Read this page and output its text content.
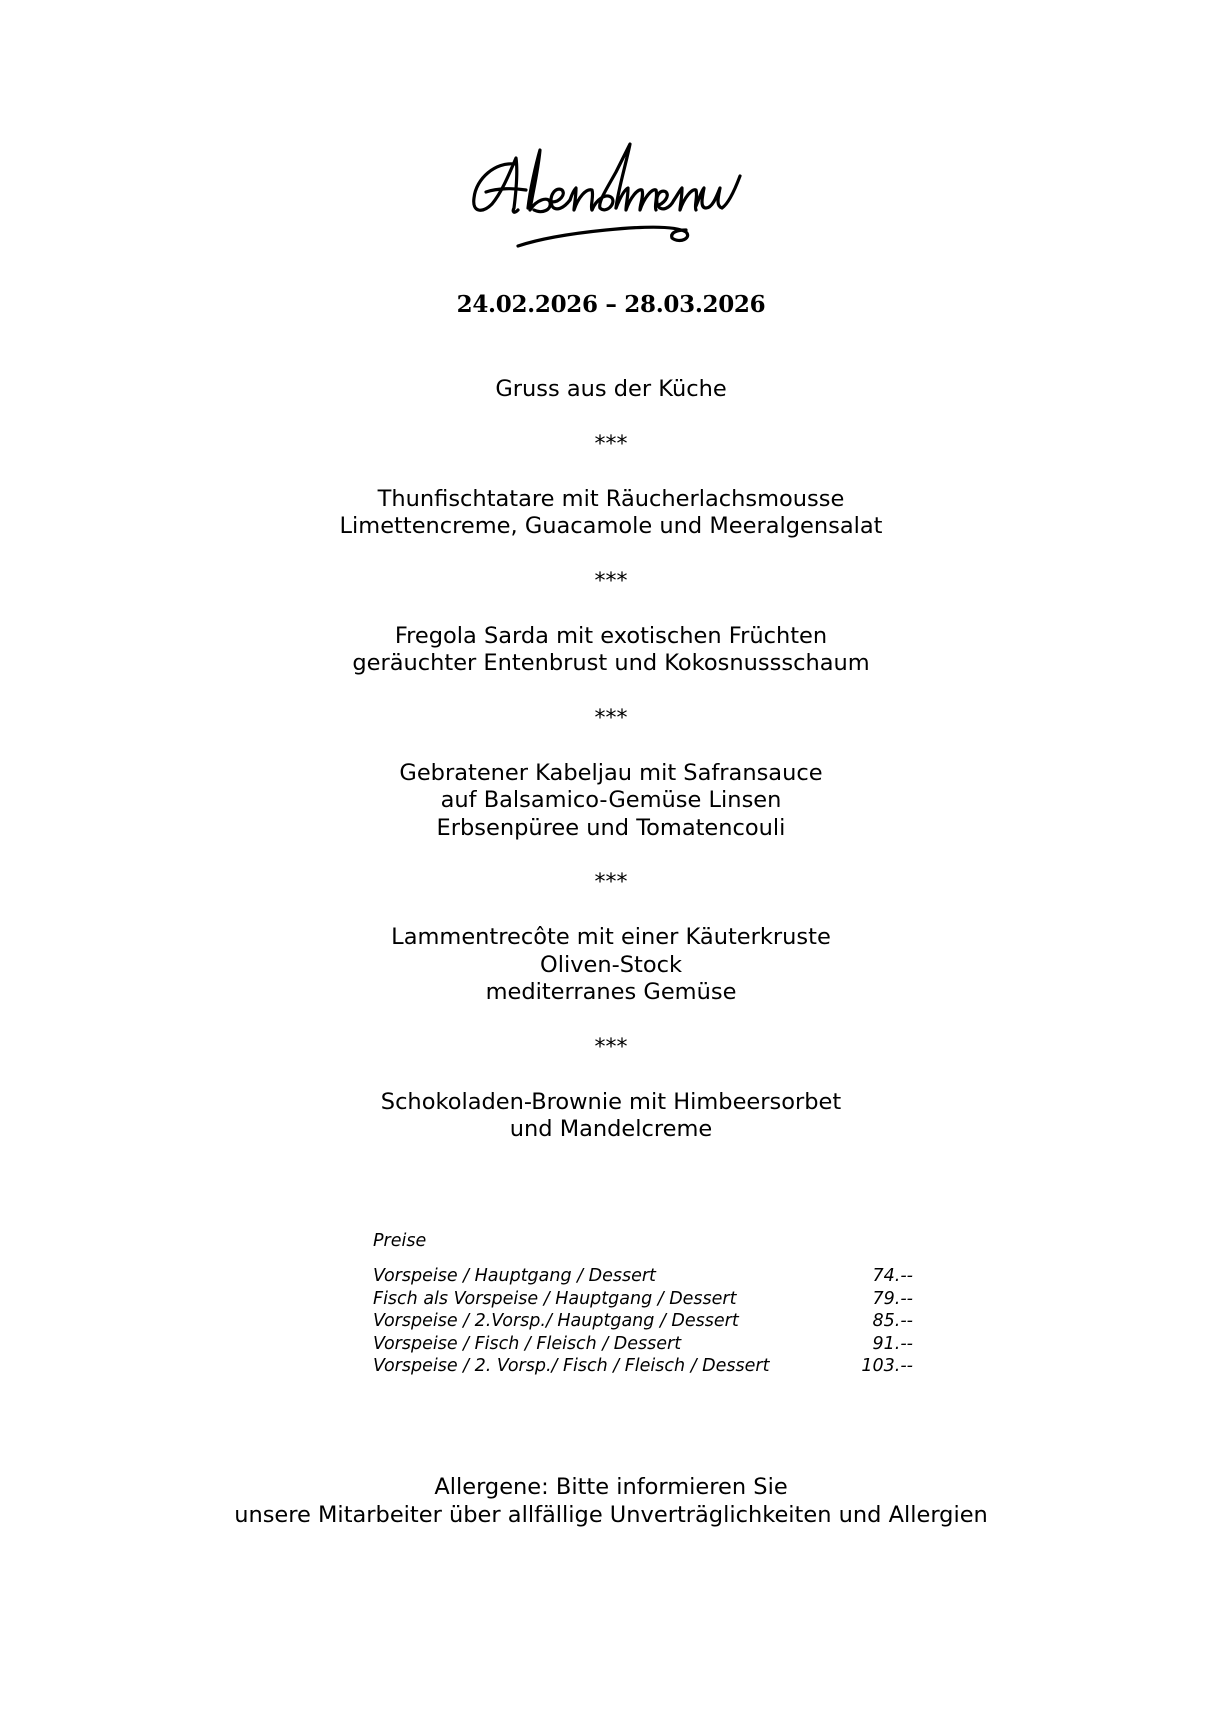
Abendmenu
24.02.2026 – 28.03.2026
Gruss aus der Küche
***
Thunfischtatare mit Räucherlachsmousse
Limettencreme, Guacamole und Meeralgensalat
***
Fregola Sarda mit exotischen Früchten
geräuchter Entenbrust und Kokosnussschaum
***
Gebratener Kabeljau mit Safransauce
auf Balsamico-Gemüse Linsen
Erbsenpüree und Tomatencouli
***
Lammentrecôte mit einer Käuterkruste
Oliven-Stock
mediterranes Gemüse
***
Schokoladen-Brownie mit Himbeersorbet
und Mandelcreme
Preise
Vorspeise / Hauptgang / Dessert	74.--
Fisch als Vorspeise / Hauptgang / Dessert	79.--
Vorspeise / 2.Vorsp./ Hauptgang / Dessert	85.--
Vorspeise / Fisch / Fleisch / Dessert	91.--
Vorspeise / 2. Vorsp./ Fisch / Fleisch / Dessert	103.--
Allergene: Bitte informieren Sie
unsere Mitarbeiter über allfällige Unverträglichkeiten und Allergien
